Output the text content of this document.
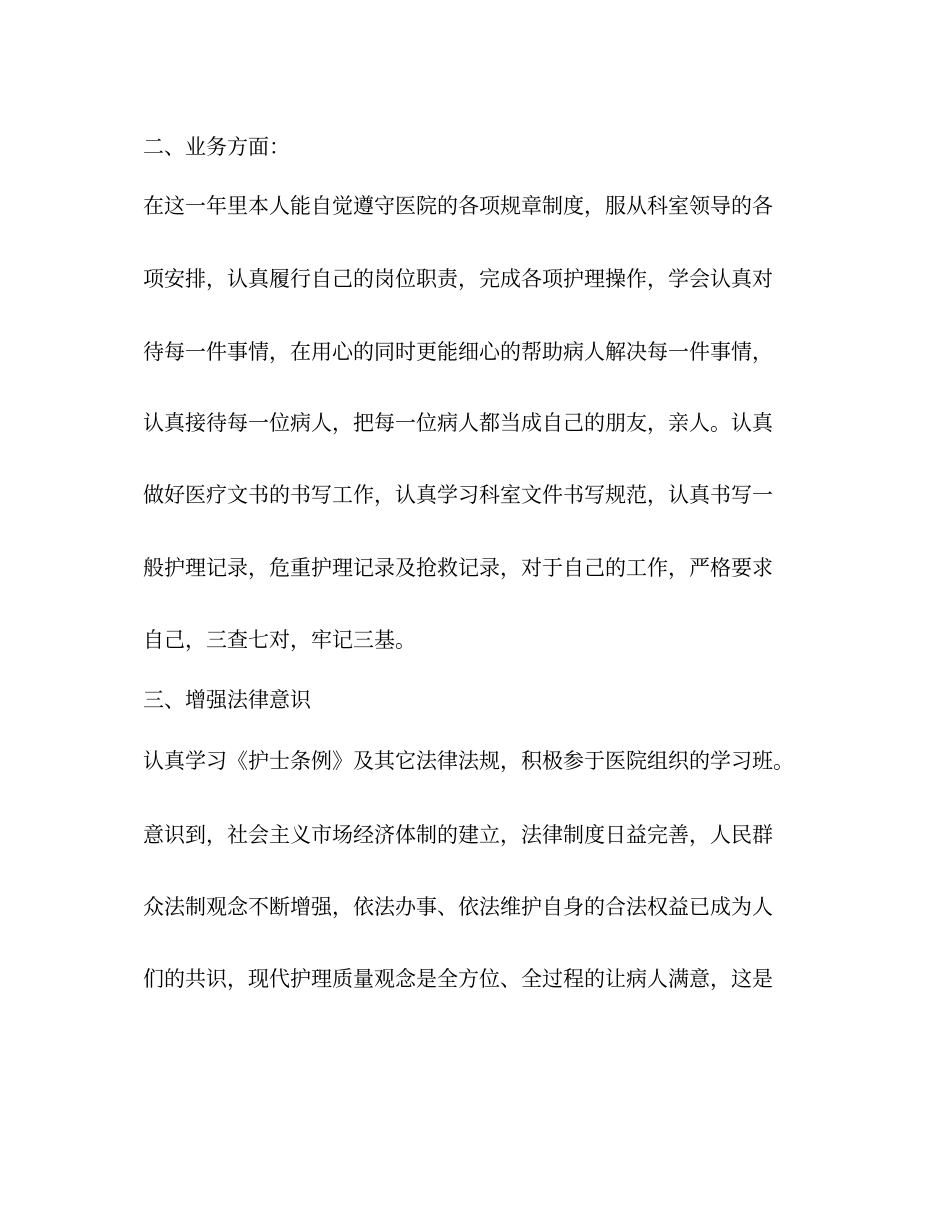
二、业务方面：
在这一年里本人能自觉遵守医院的各项规章制度，服从科室领导的各
项安排，认真履行自己的岗位职责，完成各项护理操作，学会认真对
待每一件事情，在用心的同时更能细心的帮助病人解决每一件事情，
认真接待每一位病人，把每一位病人都当成自己的朋友，亲人。认真
做好医疗文书的书写工作，认真学习科室文件书写规范，认真书写一
般护理记录，危重护理记录及抢救记录，对于自己的工作，严格要求
自己，三查七对，牢记三基。
三、增强法律意识
认真学习《护士条例》及其它法律法规，积极参于医院组织的学习班。
意识到，社会主义市场经济体制的建立，法律制度日益完善，人民群
众法制观念不断增强，依法办事、依法维护自身的合法权益已成为人
们的共识，现代护理质量观念是全方位、全过程的让病人满意，这是
